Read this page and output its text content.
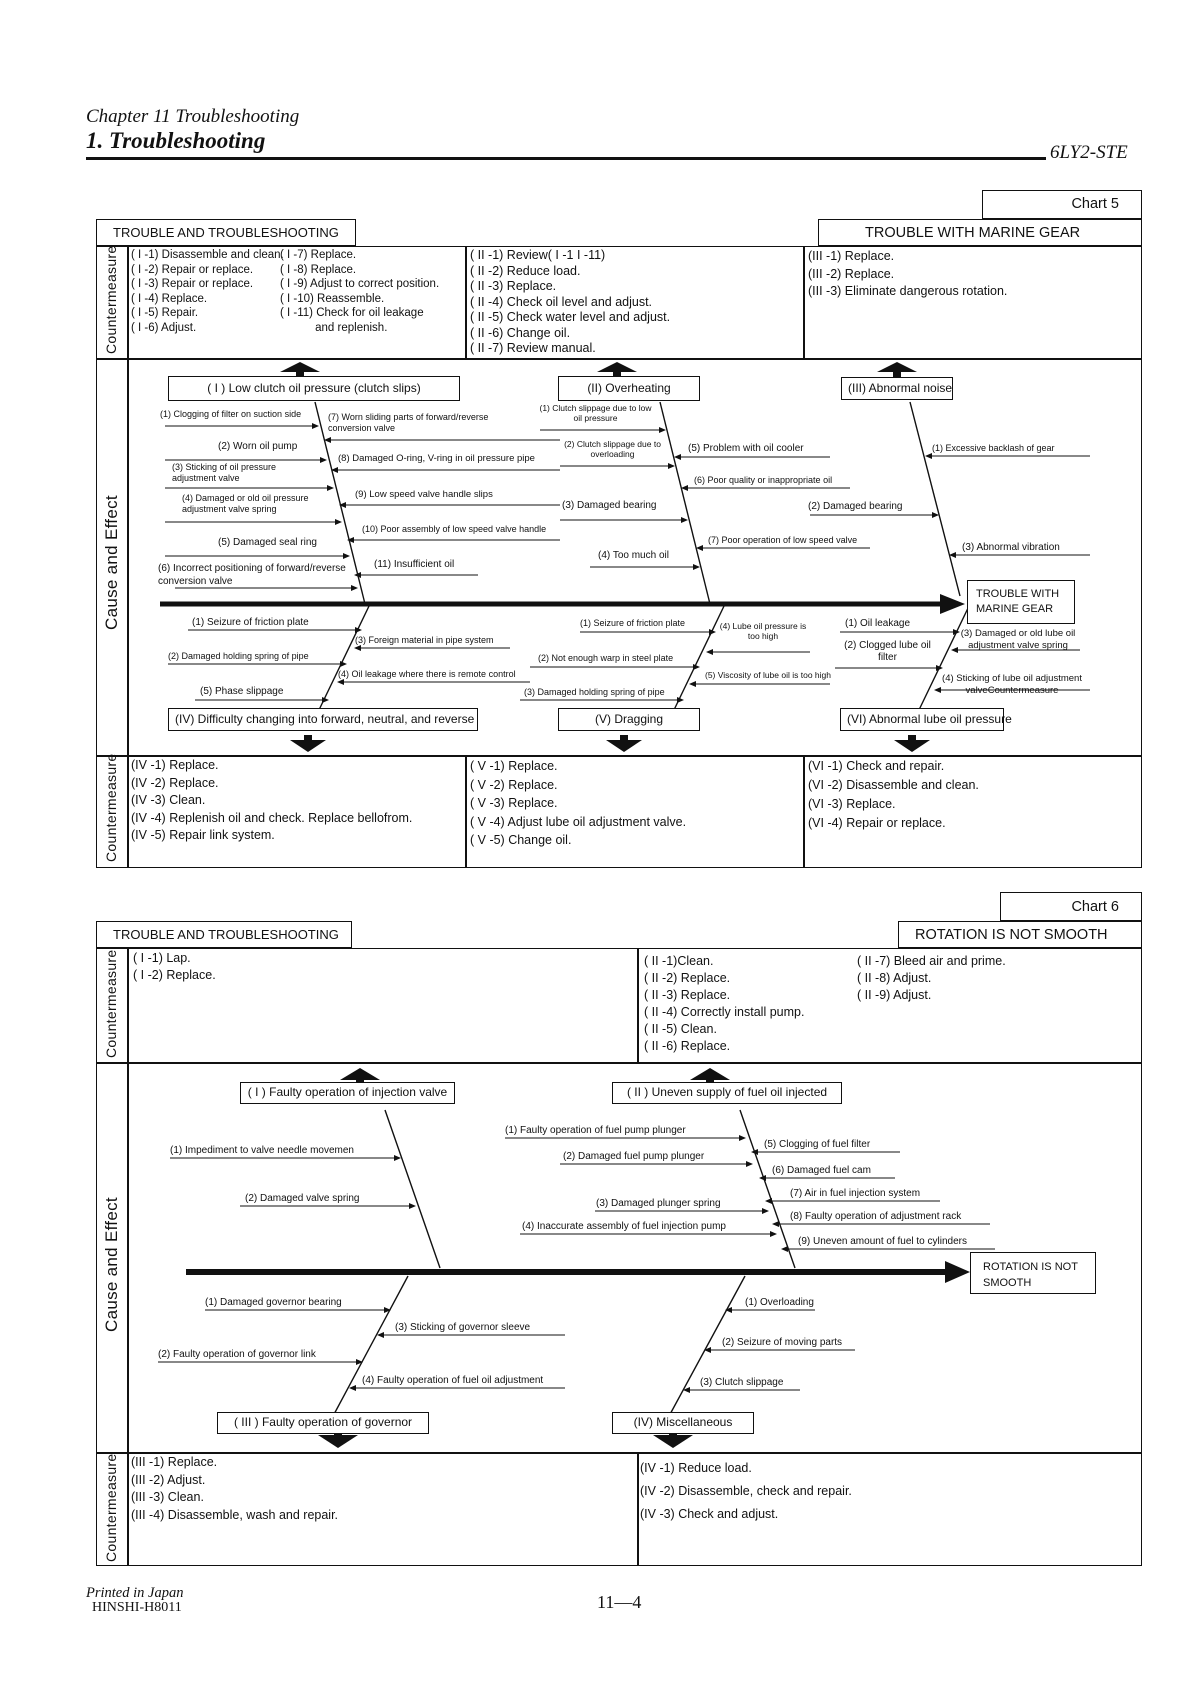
Chapter 11 Troubleshooting
1. Troubleshooting	6LY2-STE
Chart 5
TROUBLE AND TROUBLESHOOTING	TROUBLE WITH MARINE GEAR
Countermeasure
Cause and Effect
Countermeasure
( I -1) Disassemble and clean.
( I -2) Repair or replace.
( I -3) Repair or replace.
( I -4) Replace.
( I -5) Repair.
( I -6) Adjust.
( I -7) Replace.
( I -8) Replace.
( I -9) Adjust to correct position.
( I -10) Reassemble.
( I -11) Check for oil leakage
and replenish.
( II -1) Review( I -1 I -11)
( II -2) Reduce load.
( II -3) Replace.
( II -4) Check oil level and adjust.
( II -5) Check water level and adjust.
( II -6) Change oil.
( II -7) Review manual.
(III -1) Replace.
(III -2) Replace.
(III -3) Eliminate dangerous rotation.
( I ) Low clutch oil pressure (clutch slips)	(II) Overheating	(III) Abnormal noise
(IV) Difficulty changing into forward, neutral, and reverse	(V) Dragging	(VI) Abnormal lube oil pressure
TROUBLE WITH MARINE GEAR
(1) Clogging of filter on suction side
(2) Worn oil pump
(3) Sticking of oil pressure adjustment valve
(4) Damaged or old oil pressure adjustment valve spring
(5) Damaged seal ring
(6) Incorrect positioning of forward/reverse conversion valve
(7) Worn sliding parts of forward/reverse conversion valve
(8) Damaged O-ring, V-ring in oil pressure pipe
(9) Low speed valve handle slips
(10) Poor assembly of low speed valve handle
(11) Insufficient oil
(1) Clutch slippage due to low oil pressure
(2) Clutch slippage due to overloading
(3) Damaged bearing
(4) Too much oil
(5) Problem with oil cooler
(6) Poor quality or inappropriate oil
(7) Poor operation of low speed valve
(1) Excessive backlash of gear
(2) Damaged bearing
(3) Abnormal vibration
(1) Seizure of friction plate
(2) Damaged holding spring of pipe
(3) Foreign material in pipe system
(4) Oil leakage where there is remote control
(5) Phase slippage
(1) Seizure of friction plate
(2) Not enough warp in steel plate
(3) Damaged holding spring of pipe
(4) Lube oil pressure is too high
(5) Viscosity of lube oil is too high
(1) Oil leakage
(2) Clogged lube oil filter
(3) Damaged or old lube oil adjustment valve spring
(4) Sticking of lube oil adjustment valveCountermeasure
(IV -1) Replace.
(IV -2) Replace.
(IV -3) Clean.
(IV -4) Replenish oil and check. Replace bellofrom.
(IV -5) Repair link system.
( V -1) Replace.
( V -2) Replace.
( V -3) Replace.
( V -4) Adjust lube oil adjustment valve.
( V -5) Change oil.
(VI -1) Check and repair.
(VI -2) Disassemble and clean.
(VI -3) Replace.
(VI -4) Repair or replace.
Chart 6
TROUBLE AND TROUBLESHOOTING	ROTATION IS NOT SMOOTH
Countermeasure
Cause and Effect
Countermeasure
( I -1) Lap.
( I -2) Replace.
( II -1)Clean.
( II -2) Replace.
( II -3) Replace.
( II -4) Correctly install pump.
( II -5) Clean.
( II -6) Replace.
( II -7) Bleed air and prime.
( II -8) Adjust.
( II -9) Adjust.
( I ) Faulty operation of injection valve	( II ) Uneven supply of fuel oil injected
( III ) Faulty operation of governor	(IV) Miscellaneous
ROTATION IS NOT SMOOTH
(1) Impediment to valve needle movemen
(2) Damaged valve spring
(1) Faulty operation of fuel pump plunger
(2) Damaged fuel pump plunger
(3) Damaged plunger spring
(4) Inaccurate assembly of fuel injection pump
(5) Clogging of fuel filter
(6) Damaged fuel cam
(7) Air in fuel injection system
(8) Faulty operation of adjustment rack
(9) Uneven amount of fuel to cylinders
(1) Damaged governor bearing
(2) Faulty operation of governor link
(3) Sticking of governor sleeve
(4) Faulty operation of fuel oil adjustment
(1) Overloading
(2) Seizure of moving parts
(3) Clutch slippage
(III -1) Replace.
(III -2) Adjust.
(III -3) Clean.
(III -4) Disassemble, wash and repair.
(IV -1) Reduce load.
(IV -2) Disassemble, check and repair.
(IV -3) Check and adjust.
Printed in Japan
HINSHI-H8011	11—4
